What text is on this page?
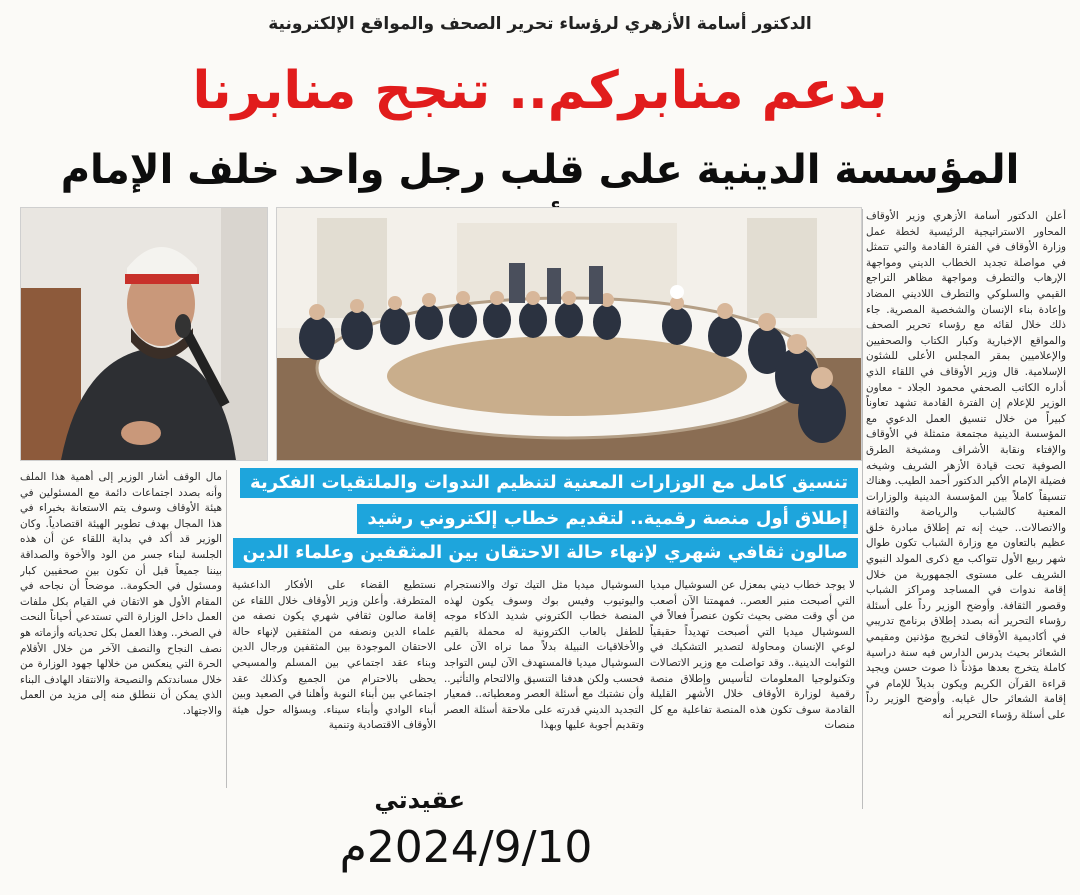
الدكتور أسامة الأزهري لرؤساء تحرير الصحف والمواقع الإلكترونية
بدعم منابركم.. تنجح منابرنا
المؤسسة الدينية على قلب رجل واحد خلف الإمام

أعلن الدكتور أسامة الأزهري وزير الأوقاف المحاور الاستراتيجية الرئيسية لخطة عمل وزارة الأوقاف في الفترة القادمة والتي تتمثل في مواصلة تجديد الخطاب الديني ومواجهة الإرهاب والتطرف ومواجهة مظاهر التراجع القيمي والسلوكي والتطرف اللاديني المضاد وإعادة بناء الإنسان والشخصية المصرية. جاء ذلك خلال لقائه مع رؤساء تحرير الصحف والمواقع الإخبارية وكبار الكتاب والصحفيين والإعلاميين بمقر المجلس الأعلى للشئون الإسلامية. قال وزير الأوقاف في اللقاء الذي أداره الكاتب الصحفي محمود الجلاد - معاون الوزير للإعلام إن الفترة القادمة تشهد تعاوناً كبيراً من خلال تنسيق العمل الدعوي مع المؤسسة الدينية مجتمعة متمثلة في الأوقاف والإفتاء ونقابة الأشراف ومشيخة الطرق الصوفية تحت قيادة الأزهر الشريف وشيخه فضيلة الإمام الأكبر الدكتور أحمد الطيب. وهناك تنسيقاً كاملاً بين المؤسسة الدينية والوزارات المعنية كالشباب والرياضة والثقافة والاتصالات.. حيث إنه تم إطلاق مبادرة خلق عظيم بالتعاون مع وزارة الشباب تكون طوال شهر ربيع الأول تتواكب مع ذكرى المولد النبوي الشريف على مستوى الجمهورية من خلال إقامة ندوات في المساجد ومراكز الشباب وقصور الثقافة. وأوضح الوزير رداً على أسئلة رؤساء التحرير أنه بصدد إطلاق برنامج تدريبي في أكاديمية الأوقاف لتخريج مؤذنين ومقيمي الشعائر بحيث يدرس الدارس فيه سنة دراسية كاملة يتخرج بعدها مؤذناً ذا صوت حسن ويجيد قراءة القرآن الكريم ويكون بديلاً للإمام في إقامة الشعائر حال غيابه. وأوضح الوزير رداً على أسئلة رؤساء التحرير أنه

تنسيق كامل مع الوزارات المعنية لتنظيم الندوات والملتقيات الفكرية
إطلاق أول منصة رقمية.. لتقديم خطاب إلكتروني رشيد
صالون ثقافي شهري لإنهاء حالة الاحتقان بين المثقفين وعلماء الدين

لا يوجد خطاب ديني بمعزل عن السوشيال ميديا التي أصبحت منبر العصر.. فمهمتنا الآن أصعب من أي وقت مضى بحيث تكون عنصراً فعالاً في السوشيال ميديا التي أصبحت تهديداً حقيقياً لوعي الإنسان ومحاولة لتصدير التشكيك في الثوابت الدينية.. وقد تواصلت مع وزير الاتصالات وتكنولوجيا المعلومات لتأسيس وإطلاق منصة رقمية لوزارة الأوقاف خلال الأشهر القليلة القادمة سوف تكون هذه المنصة تفاعلية مع كل منصات

السوشيال ميديا مثل التيك توك والانستجرام واليوتيوب وفيس بوك وسوف يكون لهذه المنصة خطاب الكتروني شديد الذكاء موجه للطفل بالعاب الكترونية له محملة بالقيم والأخلاقيات النبيلة بدلاً مما نراه الآن على السوشيال ميديا فالمستهدف الآن ليس التواجد فحسب ولكن هدفنا التنسيق والالتحام والتأثير.. وأن نشتبك مع أسئلة العصر ومعطياته.. فمعيار التجديد الديني قدرته على ملاحقة أسئلة العصر وتقديم أجوبة عليها وبهذا

نستطيع القضاء على الأفكار الداعشية المتطرفة. وأعلن وزير الأوقاف خلال اللقاء عن إقامة صالون ثقافي شهري يكون نصفه من علماء الدين ونصفه من المثقفين لإنهاء حالة الاحتقان الموجودة بين المثقفين ورجال الدين وبناء عقد اجتماعي بين المسلم والمسيحي يحظى بالاحترام من الجميع وكذلك عقد اجتماعي بين أبناء النوبة وأهلنا في الصعيد وبين أبناء الوادي وأبناء سيناء. وبسؤاله حول هيئة الأوقاف الاقتصادية وتنمية

مال الوقف أشار الوزير إلى أهمية هذا الملف وأنه بصدد اجتماعات دائمة مع المسئولين في هيئة الأوقاف وسوف يتم الاستعانة بخبراء في هذا المجال بهدف تطوير الهيئة اقتصادياً. وكان الوزير قد أكد في بداية اللقاء عن أن هذه الجلسة لبناء جسر من الود والأخوة والصداقة بيننا جميعاً قبل أن تكون بين صحفيين كبار ومسئول في الحكومة.. موضحاً أن نجاحه في المقام الأول هو الاتقان في القيام بكل ملفات العمل داخل الوزارة التي تستدعي أحياناً النحت في الصخر.. وهذا العمل بكل تحدياته وأزماته هو نصف النجاح والنصف الآخر من خلال الأقلام الحرة التي ينعكس من خلالها جهود الوزارة من خلال مساندتكم والنصيحة والانتقاد الهادف البناء الذي يمكن أن ننطلق منه إلى مزيد من العمل والاجتهاد.

عقيدتي
2024/9/10م
